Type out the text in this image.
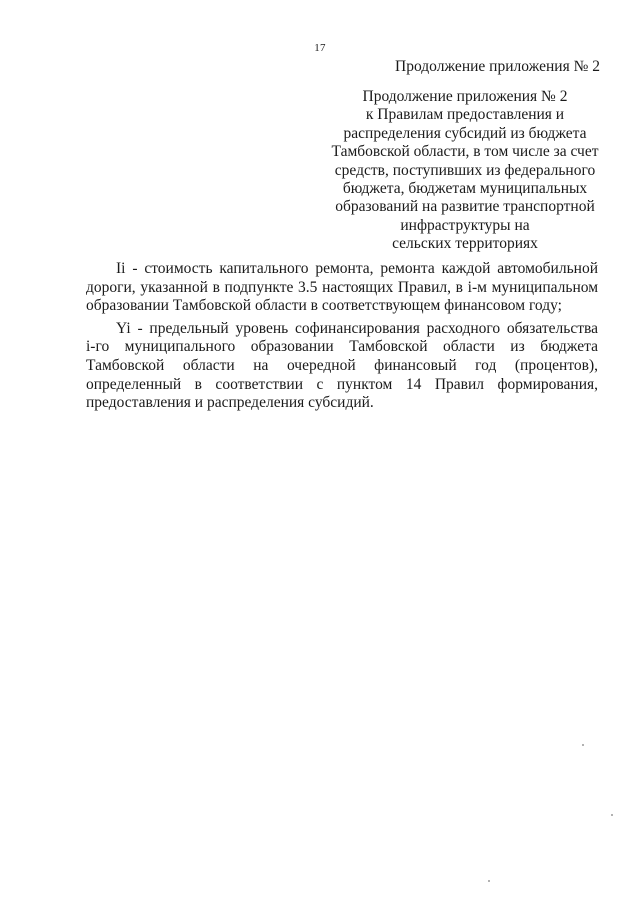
17
Продолжение приложения № 2
Продолжение приложения № 2
к Правилам предоставления и
распределения субсидий из бюджета
Тамбовской области, в том числе за счет
средств, поступивших из федерального
бюджета, бюджетам муниципальных
образований на развитие транспортной
инфраструктуры на
сельских территориях
Ii - стоимость капитального ремонта, ремонта каждой автомобильной
дороги, указанной в подпункте 3.5 настоящих Правил, в i-м муниципальном
образовании Тамбовской области в соответствующем финансовом году;
Yi - предельный уровень софинансирования расходного обязательства
i-го муниципального образовании Тамбовской области из бюджета
Тамбовской области на очередной финансовый год (процентов),
определенный в соответствии с пунктом 14 Правил формирования,
предоставления и распределения субсидий.
